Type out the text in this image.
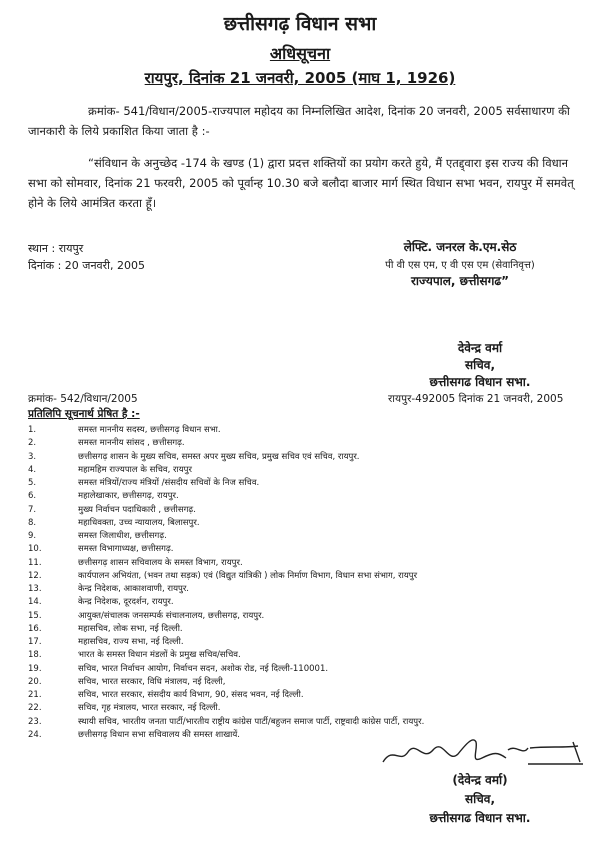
छत्तीसगढ़ विधान सभा
अधिसूचना
रायपुर, दिनांक 21 जनवरी, 2005 (माघ 1, 1926)
क्रमांक- 541/विधान/2005-राज्यपाल महोदय का निम्नलिखित आदेश, दिनांक 20 जनवरी, 2005 सर्वसाधारण की जानकारी के लिये प्रकाशित किया जाता है :-
“संविधान के अनुच्छेद -174 के खण्ड (1) द्वारा प्रदत्त शक्तियों का प्रयोग करते हुये, मैं एतद्द्वारा इस राज्य की विधान सभा को सोमवार, दिनांक 21 फरवरी, 2005 को पूर्वान्ह 10.30 बजे बलौदा बाजार मार्ग स्थित विधान सभा भवन, रायपुर में समवेत् होने के लिये आमंत्रित करता हूँ।
स्थान : रायपुर
दिनांक : 20 जनवरी, 2005
लेफ्टि. जनरल के.एम.सेठ
पी वी एस एम, ए वी एस एम (सेवानिवृत्त)
राज्यपाल, छत्तीसगढ”
देवेन्द्र वर्मा
सचिव,
छत्तीसगढ विधान सभा.
क्रमांक- 542/विधान/2005	रायपुर-492005 दिनांक 21 जनवरी, 2005
प्रतिलिपि सूचनार्थ प्रेषित है :-
1.	समस्त माननीय सदस्य, छत्तीसगढ़ विधान सभा.
2.	समस्त माननीय सांसद , छत्तीसगढ़.
3.	छत्तीसगढ़ शासन के मुख्य सचिव, समस्त अपर मुख्य सचिव, प्रमुख सचिव एवं सचिव, रायपुर.
4.	महामहिम राज्यपाल के सचिव, रायपुर
5.	समस्त मंत्रियों/राज्य मंत्रियों /संसदीय सचिवों के निज सचिव.
6.	महालेखाकार, छत्तीसगढ़, रायपुर.
7.	मुख्य निर्वाचन पदाधिकारी , छत्तीसगढ़.
8.	महाधिवक्ता, उच्च न्यायालय, बिलासपुर.
9.	समस्त जिलाधीश, छत्तीसगढ़.
10.	समस्त विभागाध्यक्ष, छत्तीसगढ़.
11.	छत्तीसगढ़ शासन सचिवालय के समस्त विभाग, रायपुर.
12.	कार्यपालन अभियंता, (भवन तथा सड़क) एवं (विद्युत यांत्रिकी ) लोक निर्माण विभाग, विधान सभा संभाग, रायपुर
13.	केन्द्र निदेशक, आकाशवाणी, रायपुर.
14.	केन्द्र निदेशक, दूरदर्शन, रायपुर.
15.	आयुक्त/संचालक जनसम्पर्क संचालनालय, छत्तीसगढ़, रायपुर.
16.	महासचिव, लोक सभा, नई दिल्ली.
17.	महासचिव, राज्य सभा, नई दिल्ली.
18.	भारत के समस्त विधान मंडलों के प्रमुख सचिव/सचिव.
19.	सचिव, भारत निर्वाचन आयोग, निर्वाचन सदन, अशोक रोड, नई दिल्ली-110001.
20.	सचिव, भारत सरकार, विधि मंत्रालय, नई दिल्ली,
21.	सचिव, भारत सरकार, संसदीय कार्य विभाग, 90, संसद भवन, नई दिल्ली.
22.	सचिव, गृह मंत्रालय, भारत सरकार, नई दिल्ली.
23.	स्थायी सचिव, भारतीय जनता पार्टी/भारतीय राष्ट्रीय कांग्रेस पार्टी/बहुजन समाज पार्टी, राष्ट्रवादी कांग्रेस पार्टी, रायपुर.
24.	छत्तीसगढ़ विधान सभा सचिवालय की समस्त शाखायें.
(देवेन्द्र वर्मा)
सचिव,
छत्तीसगढ विधान सभा.
